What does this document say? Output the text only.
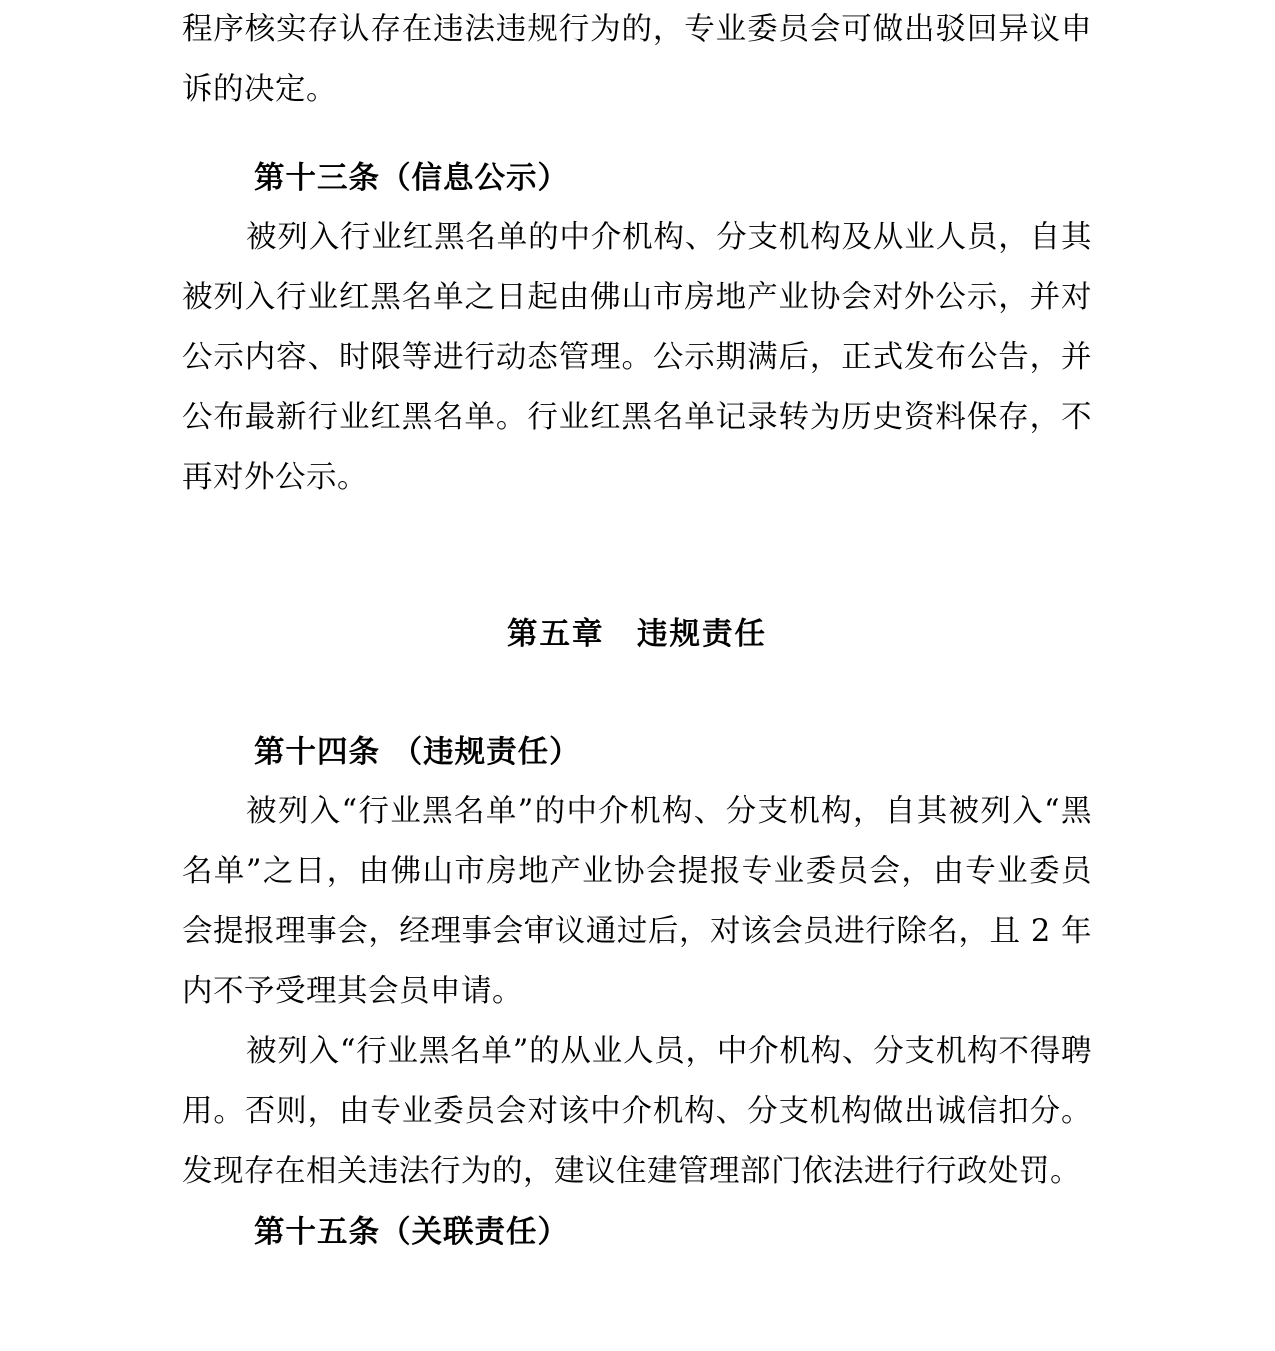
程序核实存认存在违法违规行为的，专业委员会可做出驳回异议申诉的决定。

第十三条（信息公示）

被列入行业红黑名单的中介机构、分支机构及从业人员，自其被列入行业红黑名单之日起由佛山市房地产业协会对外公示，并对公示内容、时限等进行动态管理。公示期满后，正式发布公告，并公布最新行业红黑名单。行业红黑名单记录转为历史资料保存，不再对外公示。

第五章　违规责任
第十四条 （违规责任）

被列入“行业黑名单”的中介机构、分支机构，自其被列入“黑名单”之日，由佛山市房地产业协会提报专业委员会，由专业委员会提报理事会，经理事会审议通过后，对该会员进行除名，且 2 年内不予受理其会员申请。

被列入“行业黑名单”的从业人员，中介机构、分支机构不得聘用。否则，由专业委员会对该中介机构、分支机构做出诚信扣分。发现存在相关违法行为的，建议住建管理部门依法进行行政处罚。

第十五条（关联责任）
